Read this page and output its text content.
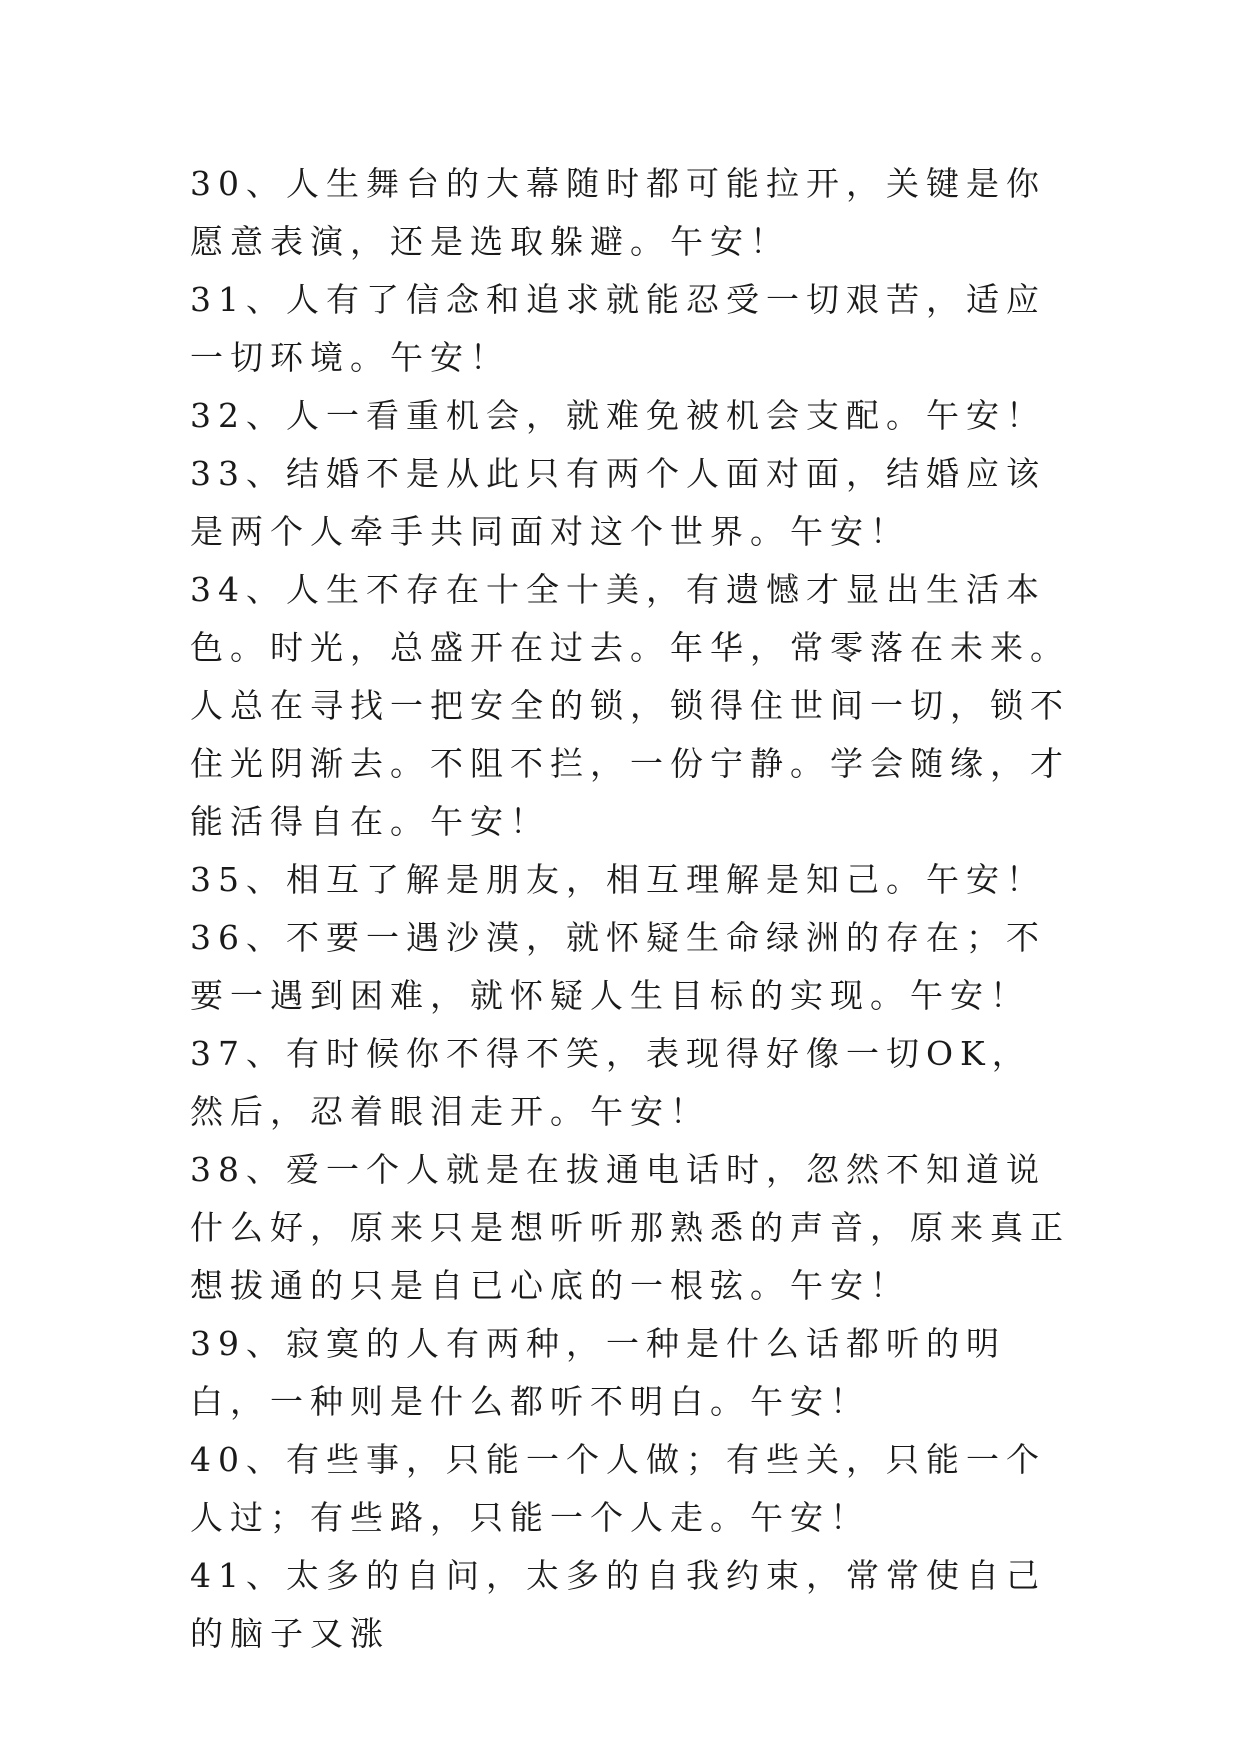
30、人生舞台的大幕随时都可能拉开，关键是你愿意表演，还是选取躲避。午安！

31、人有了信念和追求就能忍受一切艰苦，适应一切环境。午安！

32、人一看重机会，就难免被机会支配。午安！

33、结婚不是从此只有两个人面对面，结婚应该是两个人牵手共同面对这个世界。午安！

34、人生不存在十全十美，有遗憾才显出生活本色。时光，总盛开在过去。年华，常零落在未来。人总在寻找一把安全的锁，锁得住世间一切，锁不住光阴渐去。不阻不拦，一份宁静。学会随缘，才能活得自在。午安！

35、相互了解是朋友，相互理解是知己。午安！

36、不要一遇沙漠，就怀疑生命绿洲的存在；不要一遇到困难，就怀疑人生目标的实现。午安！

37、有时候你不得不笑，表现得好像一切OK，然后，忍着眼泪走开。午安！

38、爱一个人就是在拔通电话时，忽然不知道说什么好，原来只是想听听那熟悉的声音，原来真正想拔通的只是自已心底的一根弦。午安！

39、寂寞的人有两种，一种是什么话都听的明白，一种则是什么都听不明白。午安！

40、有些事，只能一个人做；有些关，只能一个人过；有些路，只能一个人走。午安！

41、太多的自问，太多的自我约束，常常使自己的脑子又涨
